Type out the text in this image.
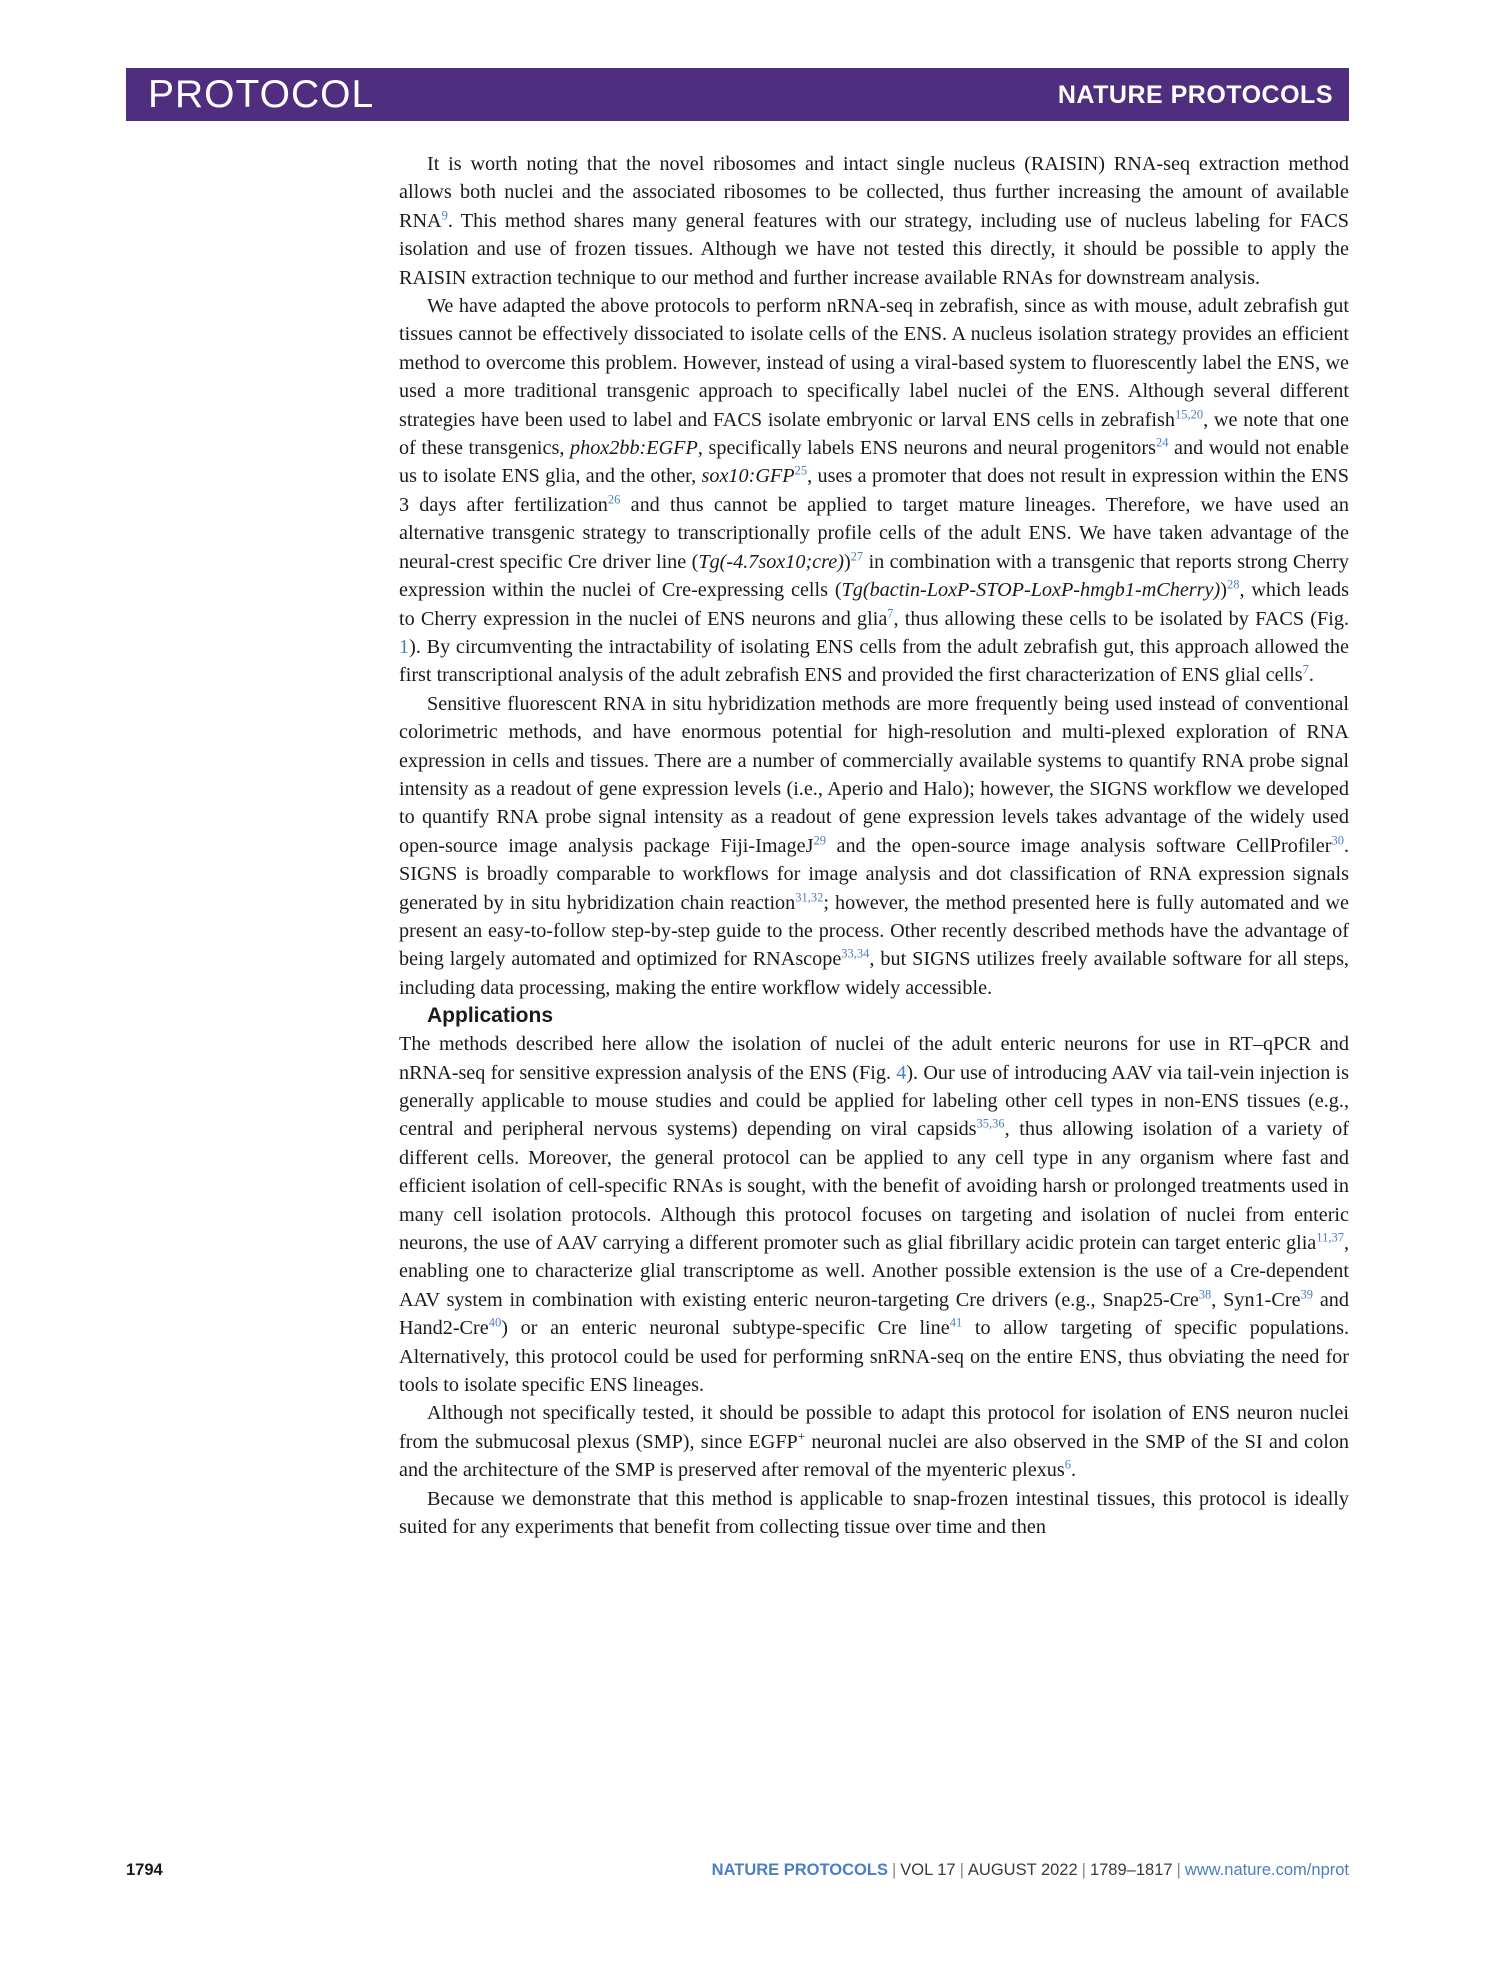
PROTOCOL	NATURE PROTOCOLS

It is worth noting that the novel ribosomes and intact single nucleus (RAISIN) RNA-seq extraction method allows both nuclei and the associated ribosomes to be collected, thus further increasing the amount of available RNA$^9$. This method shares many general features with our strategy, including use of nucleus labeling for FACS isolation and use of frozen tissues. Although we have not tested this directly, it should be possible to apply the RAISIN extraction technique to our method and further increase available RNAs for downstream analysis.

We have adapted the above protocols to perform nRNA-seq in zebrafish, since as with mouse, adult zebrafish gut tissues cannot be effectively dissociated to isolate cells of the ENS. A nucleus isolation strategy provides an efficient method to overcome this problem. However, instead of using a viral-based system to fluorescently label the ENS, we used a more traditional transgenic approach to specifically label nuclei of the ENS. Although several different strategies have been used to label and FACS isolate embryonic or larval ENS cells in zebrafish$^{15,20}$, we note that one of these transgenics, phox2bb:EGFP, specifically labels ENS neurons and neural progenitors$^{24}$ and would not enable us to isolate ENS glia, and the other, sox10:GFP$^{25}$, uses a promoter that does not result in expression within the ENS 3 days after fertilization$^{26}$ and thus cannot be applied to target mature lineages. Therefore, we have used an alternative transgenic strategy to transcriptionally profile cells of the adult ENS. We have taken advantage of the neural-crest specific Cre driver line (Tg(-4.7sox10;cre))$^{27}$ in combination with a transgenic that reports strong Cherry expression within the nuclei of Cre-expressing cells (Tg(bactin-LoxP-STOP-LoxP-hmgb1-mCherry))$^{28}$, which leads to Cherry expression in the nuclei of ENS neurons and glia$^7$, thus allowing these cells to be isolated by FACS (Fig. 1). By circumventing the intractability of isolating ENS cells from the adult zebrafish gut, this approach allowed the first transcriptional analysis of the adult zebrafish ENS and provided the first characterization of ENS glial cells$^7$.

Sensitive fluorescent RNA in situ hybridization methods are more frequently being used instead of conventional colorimetric methods, and have enormous potential for high-resolution and multi-plexed exploration of RNA expression in cells and tissues. There are a number of commercially available systems to quantify RNA probe signal intensity as a readout of gene expression levels (i.e., Aperio and Halo); however, the SIGNS workflow we developed to quantify RNA probe signal intensity as a readout of gene expression levels takes advantage of the widely used open-source image analysis package Fiji-ImageJ$^{29}$ and the open-source image analysis software CellProfiler$^{30}$. SIGNS is broadly comparable to workflows for image analysis and dot classification of RNA expression signals generated by in situ hybridization chain reaction$^{31,32}$; however, the method presented here is fully automated and we present an easy-to-follow step-by-step guide to the process. Other recently described methods have the advantage of being largely automated and optimized for RNAscope$^{33,34}$, but SIGNS utilizes freely available software for all steps, including data processing, making the entire workflow widely accessible.

Applications

The methods described here allow the isolation of nuclei of the adult enteric neurons for use in RT–qPCR and nRNA-seq for sensitive expression analysis of the ENS (Fig. 4). Our use of introducing AAV via tail-vein injection is generally applicable to mouse studies and could be applied for labeling other cell types in non-ENS tissues (e.g., central and peripheral nervous systems) depending on viral capsids$^{35,36}$, thus allowing isolation of a variety of different cells. Moreover, the general protocol can be applied to any cell type in any organism where fast and efficient isolation of cell-specific RNAs is sought, with the benefit of avoiding harsh or prolonged treatments used in many cell isolation protocols. Although this protocol focuses on targeting and isolation of nuclei from enteric neurons, the use of AAV carrying a different promoter such as glial fibrillary acidic protein can target enteric glia$^{11,37}$, enabling one to characterize glial transcriptome as well. Another possible extension is the use of a Cre-dependent AAV system in combination with existing enteric neuron-targeting Cre drivers (e.g., Snap25-Cre$^{38}$, Syn1-Cre$^{39}$ and Hand2-Cre$^{40}$) or an enteric neuronal subtype-specific Cre line$^{41}$ to allow targeting of specific populations. Alternatively, this protocol could be used for performing snRNA-seq on the entire ENS, thus obviating the need for tools to isolate specific ENS lineages.

Although not specifically tested, it should be possible to adapt this protocol for isolation of ENS neuron nuclei from the submucosal plexus (SMP), since EGFP+ neuronal nuclei are also observed in the SMP of the SI and colon and the architecture of the SMP is preserved after removal of the myenteric plexus$^6$.

Because we demonstrate that this method is applicable to snap-frozen intestinal tissues, this protocol is ideally suited for any experiments that benefit from collecting tissue over time and then

1794	NATURE PROTOCOLS | VOL 17 | AUGUST 2022 | 1789–1817 | www.nature.com/nprot
